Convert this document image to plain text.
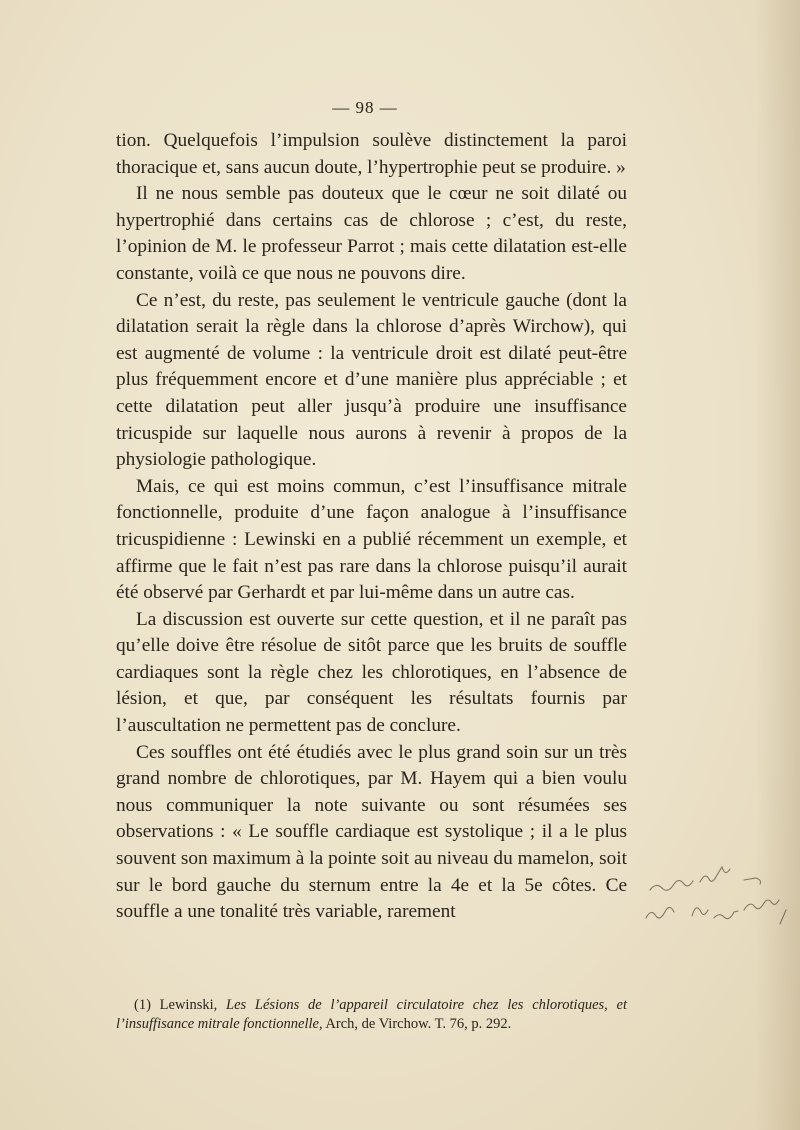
— 98 —

tion. Quelquefois l’impulsion soulève distinctement la paroi thoracique et, sans aucun doute, l’hypertrophie peut se produire. »

Il ne nous semble pas douteux que le cœur ne soit dilaté ou hypertrophié dans certains cas de chlorose ; c’est, du reste, l’opinion de M. le professeur Parrot ; mais cette dilatation est-elle constante, voilà ce que nous ne pouvons dire.

Ce n’est, du reste, pas seulement le ventricule gauche (dont la dilatation serait la règle dans la chlorose d’après Wirchow), qui est augmenté de volume : la ventricule droit est dilaté peut-être plus fréquemment encore et d’une manière plus appréciable ; et cette dilatation peut aller jusqu’à produire une insuffisance tricuspide sur laquelle nous aurons à revenir à propos de la physiologie pathologique.

Mais, ce qui est moins commun, c’est l’insuffisance mitrale fonctionnelle, produite d’une façon analogue à l’insuffisance tricuspidienne : Lewinski en a publié récemment un exemple, et affirme que le fait n’est pas rare dans la chlorose puisqu’il aurait été observé par Gerhardt et par lui-même dans un autre cas.

La discussion est ouverte sur cette question, et il ne paraît pas qu’elle doive être résolue de sitôt parce que les bruits de souffle cardiaques sont la règle chez les chlorotiques, en l’absence de lésion, et que, par conséquent les résultats fournis par l’auscultation ne permettent pas de conclure.

Ces souffles ont été étudiés avec le plus grand soin sur un très grand nombre de chlorotiques, par M. Hayem qui a bien voulu nous communiquer la note suivante ou sont résumées ses observations : « Le souffle cardiaque est systolique ; il a le plus souvent son maximum à la pointe soit au niveau du mamelon, soit sur le bord gauche du sternum entre la 4e et la 5e côtes. Ce souffle a une tonalité très variable, rarement

(1) Lewinski, Les Lésions de l’appareil circulatoire chez les chlorotiques, et l’insuffisance mitrale fonctionnelle, Arch, de Virchow. T. 76, p. 292.
